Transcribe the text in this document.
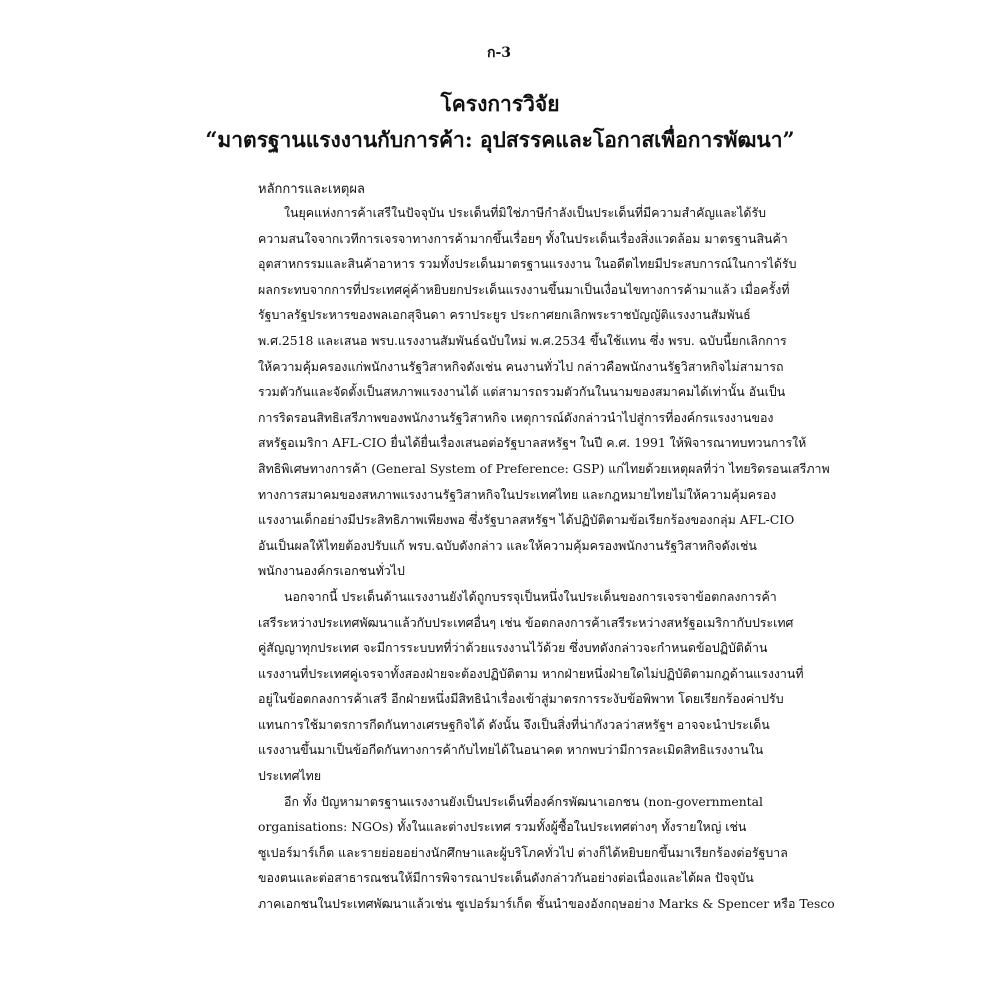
ก-3
โครงการวิจัย
“มาตรฐานแรงงานกับการค้า: อุปสรรคและโอกาสเพื่อการพัฒนา”
หลักการและเหตุผล
ในยุคแห่งการค้าเสรีในปัจจุบัน ประเด็นที่มิใช่ภาษีกำลังเป็นประเด็นที่มีความสำคัญและได้รับ
ความสนใจจากเวทีการเจรจาทางการค้ามากขึ้นเรื่อยๆ ทั้งในประเด็นเรื่องสิ่งแวดล้อม มาตรฐานสินค้า
อุตสาหกรรมและสินค้าอาหาร รวมทั้งประเด็นมาตรฐานแรงงาน ในอดีตไทยมีประสบการณ์ในการได้รับ
ผลกระทบจากการที่ประเทศคู่ค้าหยิบยกประเด็นแรงงานขึ้นมาเป็นเงื่อนไขทางการค้ามาแล้ว เมื่อครั้งที่
รัฐบาลรัฐประหารของพลเอกสุจินดา คราประยูร ประกาศยกเลิกพระราชบัญญัติแรงงานสัมพันธ์
พ.ศ.2518 และเสนอ พรบ.แรงงานสัมพันธ์ฉบับใหม่ พ.ศ.2534 ขึ้นใช้แทน ซึ่ง พรบ. ฉบับนี้ยกเลิกการ
ให้ความคุ้มครองแก่พนักงานรัฐวิสาหกิจดังเช่น คนงานทั่วไป กล่าวคือพนักงานรัฐวิสาหกิจไม่สามารถ
รวมตัวกันและจัดตั้งเป็นสหภาพแรงงานได้ แต่สามารถรวมตัวกันในนามของสมาคมได้เท่านั้น อันเป็น
การริดรอนสิทธิเสรีภาพของพนักงานรัฐวิสาหกิจ เหตุการณ์ดังกล่าวนำไปสู่การที่องค์กรแรงงานของ
สหรัฐอเมริกา AFL-CIO ยื่นได้ยื่นเรื่องเสนอต่อรัฐบาลสหรัฐฯ ในปี ค.ศ. 1991 ให้พิจารณาทบทวนการให้
สิทธิพิเศษทางการค้า (General System of Preference: GSP) แก่ไทยด้วยเหตุผลที่ว่า ไทยริดรอนเสรีภาพ
ทางการสมาคมของสหภาพแรงงานรัฐวิสาหกิจในประเทศไทย และกฎหมายไทยไม่ให้ความคุ้มครอง
แรงงานเด็กอย่างมีประสิทธิภาพเพียงพอ ซึ่งรัฐบาลสหรัฐฯ ได้ปฏิบัติตามข้อเรียกร้องของกลุ่ม AFL-CIO
อันเป็นผลให้ไทยต้องปรับแก้ พรบ.ฉบับดังกล่าว และให้ความคุ้มครองพนักงานรัฐวิสาหกิจดังเช่น
พนักงานองค์กรเอกชนทั่วไป
นอกจากนี้ ประเด็นด้านแรงงานยังได้ถูกบรรจุเป็นหนึ่งในประเด็นของการเจรจาข้อตกลงการค้า
เสรีระหว่างประเทศพัฒนาแล้วกับประเทศอื่นๆ เช่น ข้อตกลงการค้าเสรีระหว่างสหรัฐอเมริกากับประเทศ
คู่สัญญาทุกประเทศ จะมีการระบบทที่ว่าด้วยแรงงานไว้ด้วย ซึ่งบทดังกล่าวจะกำหนดข้อปฏิบัติด้าน
แรงงานที่ประเทศคู่เจรจาทั้งสองฝ่ายจะต้องปฏิบัติตาม หากฝ่ายหนึ่งฝ่ายใดไม่ปฏิบัติตามกฎด้านแรงงานที่
อยู่ในข้อตกลงการค้าเสรี อีกฝ่ายหนึ่งมีสิทธินำเรื่องเข้าสู่มาตรการระงับข้อพิพาท โดยเรียกร้องค่าปรับ
แทนการใช้มาตรการกีดกันทางเศรษฐกิจได้ ดังนั้น จึงเป็นสิ่งที่น่ากังวลว่าสหรัฐฯ อาจจะนำประเด็น
แรงงานขึ้นมาเป็นข้อกีดกันทางการค้ากับไทยได้ในอนาคต หากพบว่ามีการละเมิดสิทธิแรงงานใน
ประเทศไทย
อีก ทั้ง ปัญหามาตรฐานแรงงานยังเป็นประเด็นที่องค์กรพัฒนาเอกชน (non-governmental
organisations: NGOs) ทั้งในและต่างประเทศ รวมทั้งผู้ซื้อในประเทศต่างๆ ทั้งรายใหญ่ เช่น
ซูเปอร์มาร์เก็ต และรายย่อยอย่างนักศึกษาและผู้บริโภคทั่วไป ต่างก็ได้หยิบยกขึ้นมาเรียกร้องต่อรัฐบาล
ของตนและต่อสาธารณชนให้มีการพิจารณาประเด็นดังกล่าวกันอย่างต่อเนื่องและได้ผล ปัจจุบัน
ภาคเอกชนในประเทศพัฒนาแล้วเช่น ซูเปอร์มาร์เก็ต ชั้นนำของอังกฤษอย่าง Marks & Spencer หรือ Tesco
